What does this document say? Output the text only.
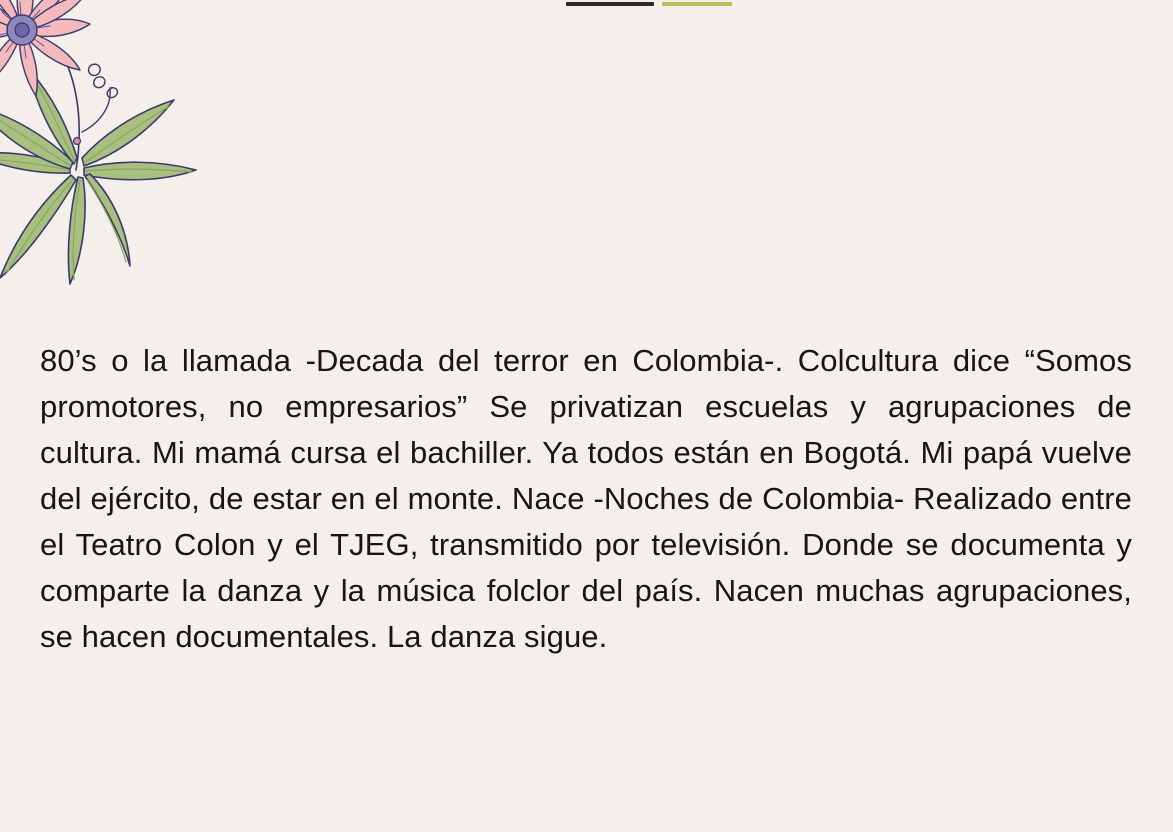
80’s o la llamada -Decada del terror en Colombia-. Colcultura dice “Somos promotores, no empresarios” Se privatizan escuelas y agrupaciones de cultura. Mi mamá cursa el bachiller. Ya todos están en Bogotá. Mi papá vuelve del ejército, de estar en el monte. Nace -Noches de Colombia- Realizado entre el Teatro Colon y el TJEG, transmitido por televisión. Donde se documenta y comparte la danza y la música folclor del país. Nacen muchas agrupaciones, se hacen documentales. La danza sigue.
